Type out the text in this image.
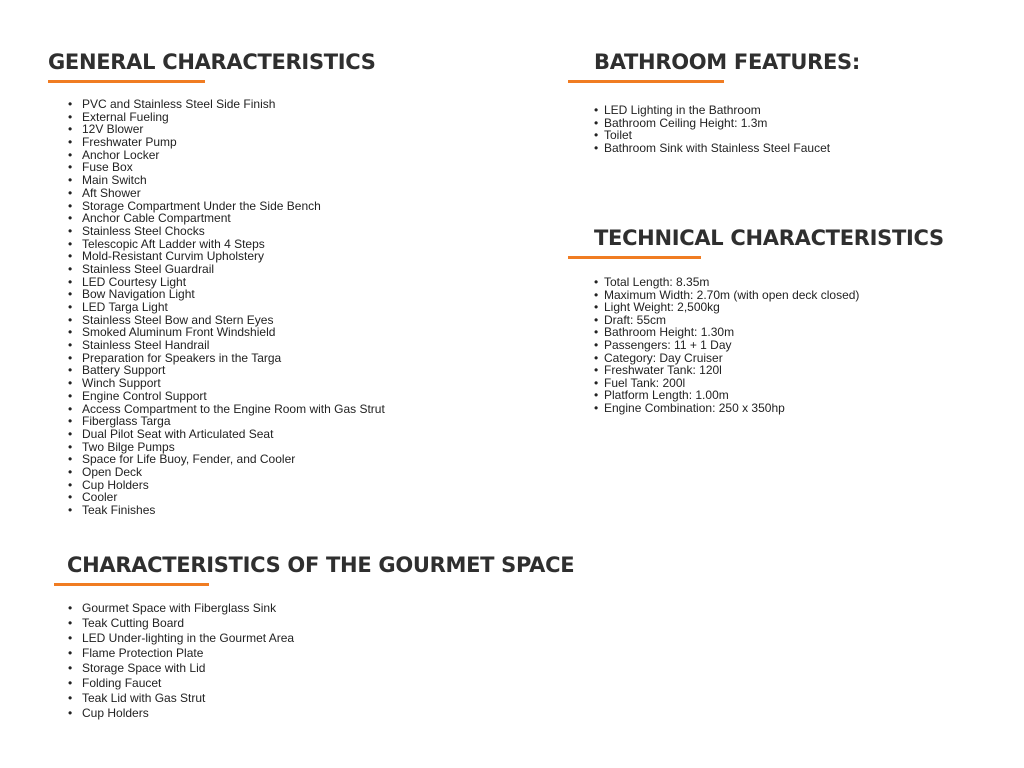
GENERAL CHARACTERISTICS
• PVC and Stainless Steel Side Finish
• External Fueling
• 12V Blower
• Freshwater Pump
• Anchor Locker
• Fuse Box
• Main Switch
• Aft Shower
• Storage Compartment Under the Side Bench
• Anchor Cable Compartment
• Stainless Steel Chocks
• Telescopic Aft Ladder with 4 Steps
• Mold-Resistant Curvim Upholstery
• Stainless Steel Guardrail
• LED Courtesy Light
• Bow Navigation Light
• LED Targa Light
• Stainless Steel Bow and Stern Eyes
• Smoked Aluminum Front Windshield
• Stainless Steel Handrail
• Preparation for Speakers in the Targa
• Battery Support
• Winch Support
• Engine Control Support
• Access Compartment to the Engine Room with Gas Strut
• Fiberglass Targa
• Dual Pilot Seat with Articulated Seat
• Two Bilge Pumps
• Space for Life Buoy, Fender, and Cooler
• Open Deck
• Cup Holders
• Cooler
• Teak Finishes
BATHROOM FEATURES:
• LED Lighting in the Bathroom
• Bathroom Ceiling Height: 1.3m
• Toilet
• Bathroom Sink with Stainless Steel Faucet
TECHNICAL CHARACTERISTICS
• Total Length: 8.35m
• Maximum Width: 2.70m (with open deck closed)
• Light Weight: 2,500kg
• Draft: 55cm
• Bathroom Height: 1.30m
• Passengers: 11 + 1 Day
• Category: Day Cruiser
• Freshwater Tank: 120l
• Fuel Tank: 200l
• Platform Length: 1.00m
• Engine Combination: 250 x 350hp
CHARACTERISTICS OF THE GOURMET SPACE
• Gourmet Space with Fiberglass Sink
• Teak Cutting Board
• LED Under-lighting in the Gourmet Area
• Flame Protection Plate
• Storage Space with Lid
• Folding Faucet
• Teak Lid with Gas Strut
• Cup Holders
